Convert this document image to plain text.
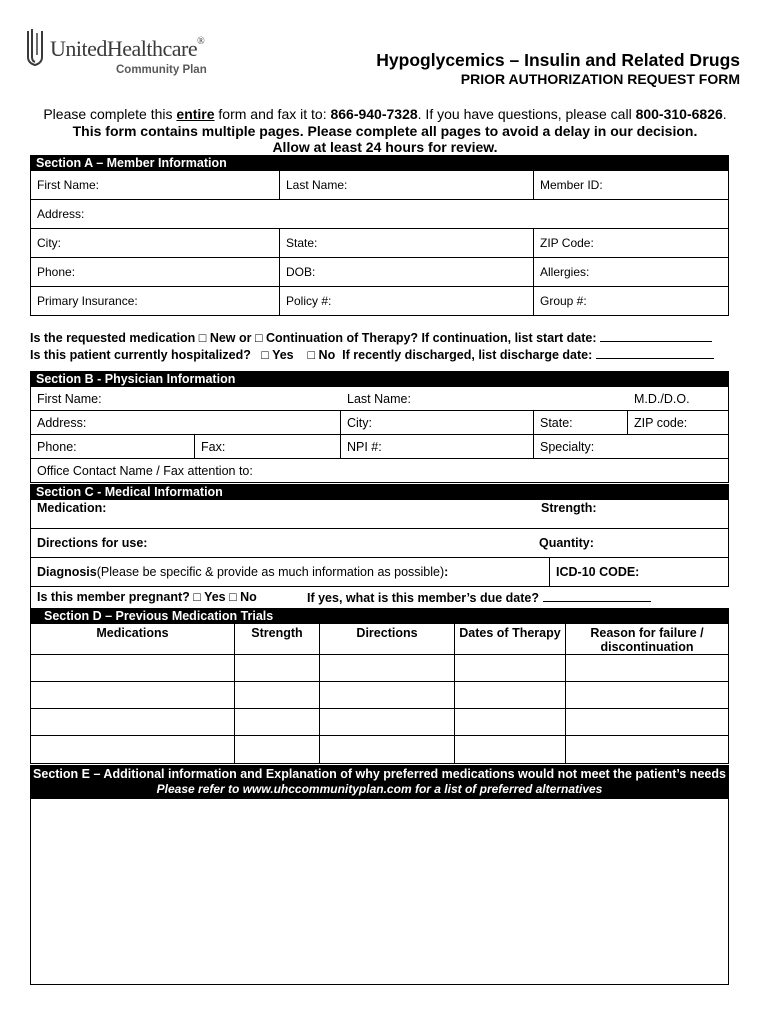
UnitedHealthcare®
Community Plan	Hypoglycemics – Insulin and Related Drugs
PRIOR AUTHORIZATION REQUEST FORM
Please complete this entire form and fax it to: 866-940-7328. If you have questions, please call 800-310-6826.
This form contains multiple pages. Please complete all pages to avoid a delay in our decision.
Allow at least 24 hours for review.
Section A – Member Information
First Name:	Last Name:	Member ID:
Address:
City:	State:	ZIP Code:
Phone:	DOB:	Allergies:
Primary Insurance:	Policy #:	Group #:
Is the requested medication □ New or □ Continuation of Therapy? If continuation, list start date:
Is this patient currently hospitalized?   □ Yes    □ No  If recently discharged, list discharge date:
Section B - Physician Information
First Name:	Last Name:	M.D./D.O.
Address:	City:	State:	ZIP code:
Phone:	Fax:	NPI #:	Specialty:
Office Contact Name / Fax attention to:
Section C - Medical Information
Medication:	Strength:
Directions for use:	Quantity:
Diagnosis (Please be specific & provide as much information as possible) :	ICD-10 CODE:
Is this member pregnant? □ Yes □ No	If yes, what is this member’s due date?
Section D – Previous Medication Trials
Medications	Strength	Directions	Dates of Therapy	Reason for failure / discontinuation
Section E – Additional information and Explanation of why preferred medications would not meet the patient’s needs
Please refer to www.uhccommunityplan.com for a list of preferred alternatives
